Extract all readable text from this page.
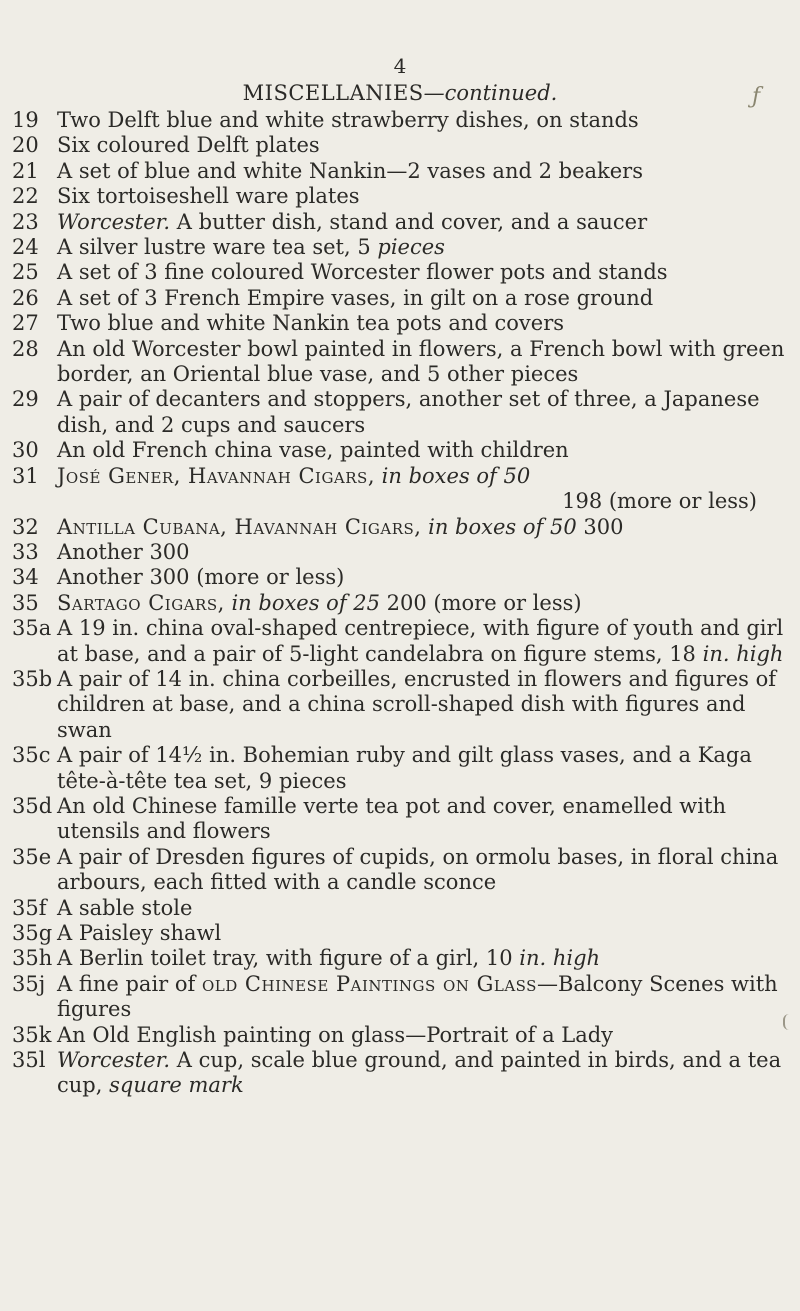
4
MISCELLANIES—continued.	ƒ
19 Two Delft blue and white strawberry dishes, on stands
20 Six coloured Delft plates
21 A set of blue and white Nankin—2 vases and 2 beakers
22 Six tortoiseshell ware plates
23 Worcester. A butter dish, stand and cover, and a saucer
24 A silver lustre ware tea set, 5 pieces
25 A set of 3 fine coloured Worcester flower pots and stands
26 A set of 3 French Empire vases, in gilt on a rose ground
27 Two blue and white Nankin tea pots and covers
28 An old Worcester bowl painted in flowers, a French bowl with green border, an Oriental blue vase, and 5 other pieces
29 A pair of decanters and stoppers, another set of three, a Japanese dish, and 2 cups and saucers
30 An old French china vase, painted with children
31 José Gener, Havannah Cigars, in boxes of 50
198 (more or less)
32 Antilla Cubana, Havannah Cigars, in boxes of 50 300
33 Another 300
34 Another 300 (more or less)
35 Sartago Cigars, in boxes of 25 200 (more or less)
35a A 19 in. china oval-shaped centrepiece, with figure of youth and girl at base, and a pair of 5-light candelabra on figure stems, 18 in. high
35b A pair of 14 in. china corbeilles, encrusted in flowers and figures of children at base, and a china scroll-shaped dish with figures and swan
35c A pair of 14½ in. Bohemian ruby and gilt glass vases, and a Kaga tête-à-tête tea set, 9 pieces
35d An old Chinese famille verte tea pot and cover, enamelled with utensils and flowers
35e A pair of Dresden figures of cupids, on ormolu bases, in floral china arbours, each fitted with a candle sconce
35f A sable stole
35g A Paisley shawl
35h A Berlin toilet tray, with figure of a girl, 10 in. high
35j A fine pair of old Chinese Paintings on Glass—Balcony Scenes with figures
35k An Old English painting on glass—Portrait of a Lady
35l Worcester. A cup, scale blue ground, and painted in birds, and a tea cup, square mark
